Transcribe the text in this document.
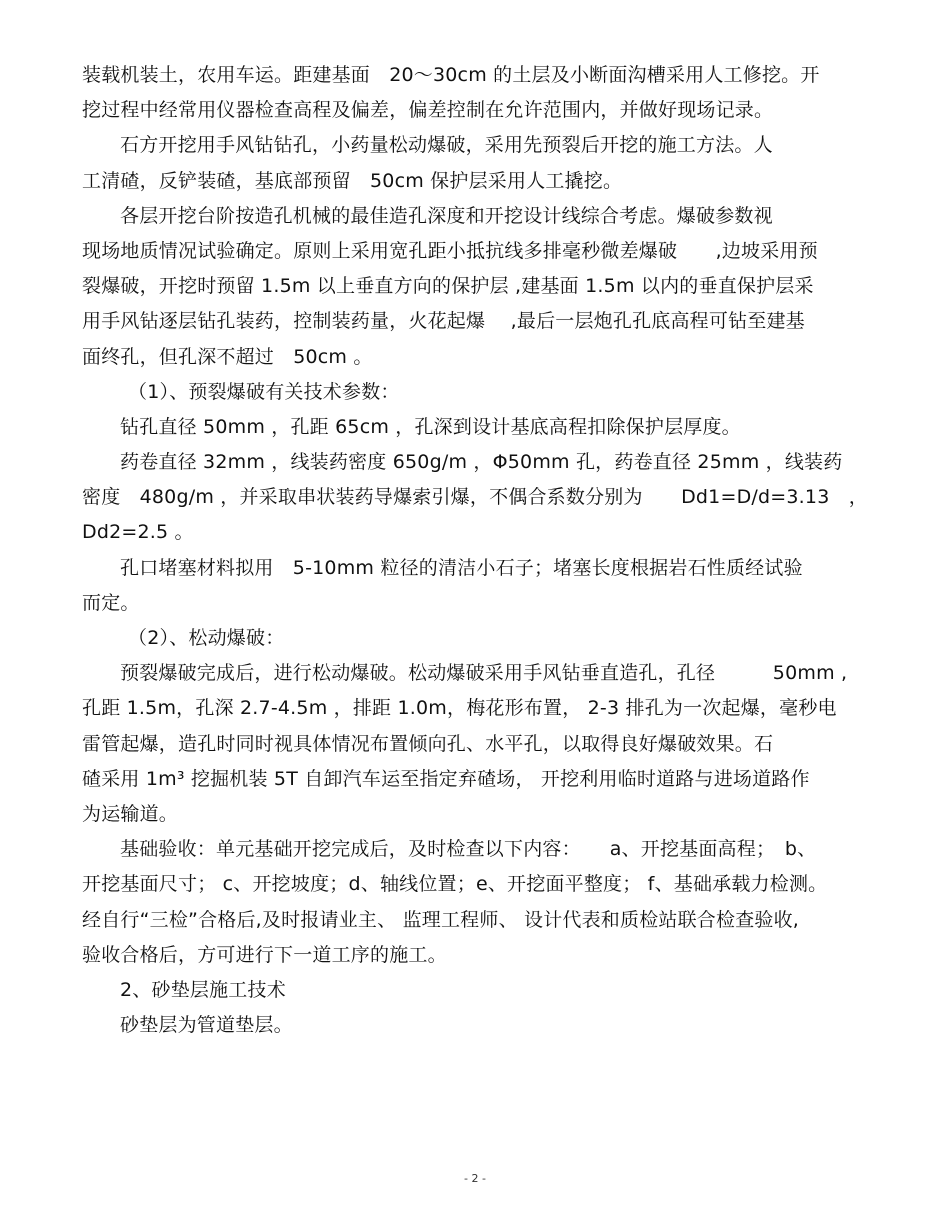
装载机装土，农用车运。距建基面　20～30cm 的土层及小断面沟槽采用人工修挖。开
挖过程中经常用仪器检查高程及偏差，偏差控制在允许范围内，并做好现场记录。
石方开挖用手风钻钻孔，小药量松动爆破，采用先预裂后开挖的施工方法。人
工清碴，反铲装碴，基底部预留　50cm 保护层采用人工撬挖。
各层开挖台阶按造孔机械的最佳造孔深度和开挖设计线综合考虑。爆破参数视
现场地质情况试验确定。原则上采用宽孔距小抵抗线多排毫秒微差爆破　　,边坡采用预
裂爆破，开挖时预留 1.5m 以上垂直方向的保护层 ,建基面 1.5m 以内的垂直保护层采
用手风钻逐层钻孔装药，控制装药量，火花起爆　 ,最后一层炮孔孔底高程可钻至建基
面终孔，但孔深不超过　50cm 。
（1）、预裂爆破有关技术参数：
钻孔直径 50mm ，孔距 65cm ，孔深到设计基底高程扣除保护层厚度。
药卷直径 32mm ，线装药密度 650g/m ，Φ50mm 孔，药卷直径 25mm ，线装药
密度　480g/m ，并采取串状装药导爆索引爆，不偶合系数分别为　　Dd1=D/d=3.13　，
Dd2=2.5 。
孔口堵塞材料拟用　5-10mm 粒径的清洁小石子；堵塞长度根据岩石性质经试验
而定。
（2）、松动爆破：
预裂爆破完成后，进行松动爆破。松动爆破采用手风钻垂直造孔，孔径　　　50mm ,
孔距 1.5m，孔深 2.7-4.5m ，排距 1.0m，梅花形布置， 2-3 排孔为一次起爆，毫秒电
雷管起爆，造孔时同时视具体情况布置倾向孔、水平孔，以取得良好爆破效果。石
碴采用 1m³ 挖掘机装 5T 自卸汽车运至指定弃碴场， 开挖利用临时道路与进场道路作
为运输道。
基础验收：单元基础开挖完成后，及时检查以下内容：　　a、开挖基面高程；　b、
开挖基面尺寸； c、开挖坡度；d、轴线位置；e、开挖面平整度； f、基础承载力检测。
经自行“三检”合格后,及时报请业主、 监理工程师、 设计代表和质检站联合检查验收,
验收合格后，方可进行下一道工序的施工。
2、砂垫层施工技术
砂垫层为管道垫层。
- 2 -
